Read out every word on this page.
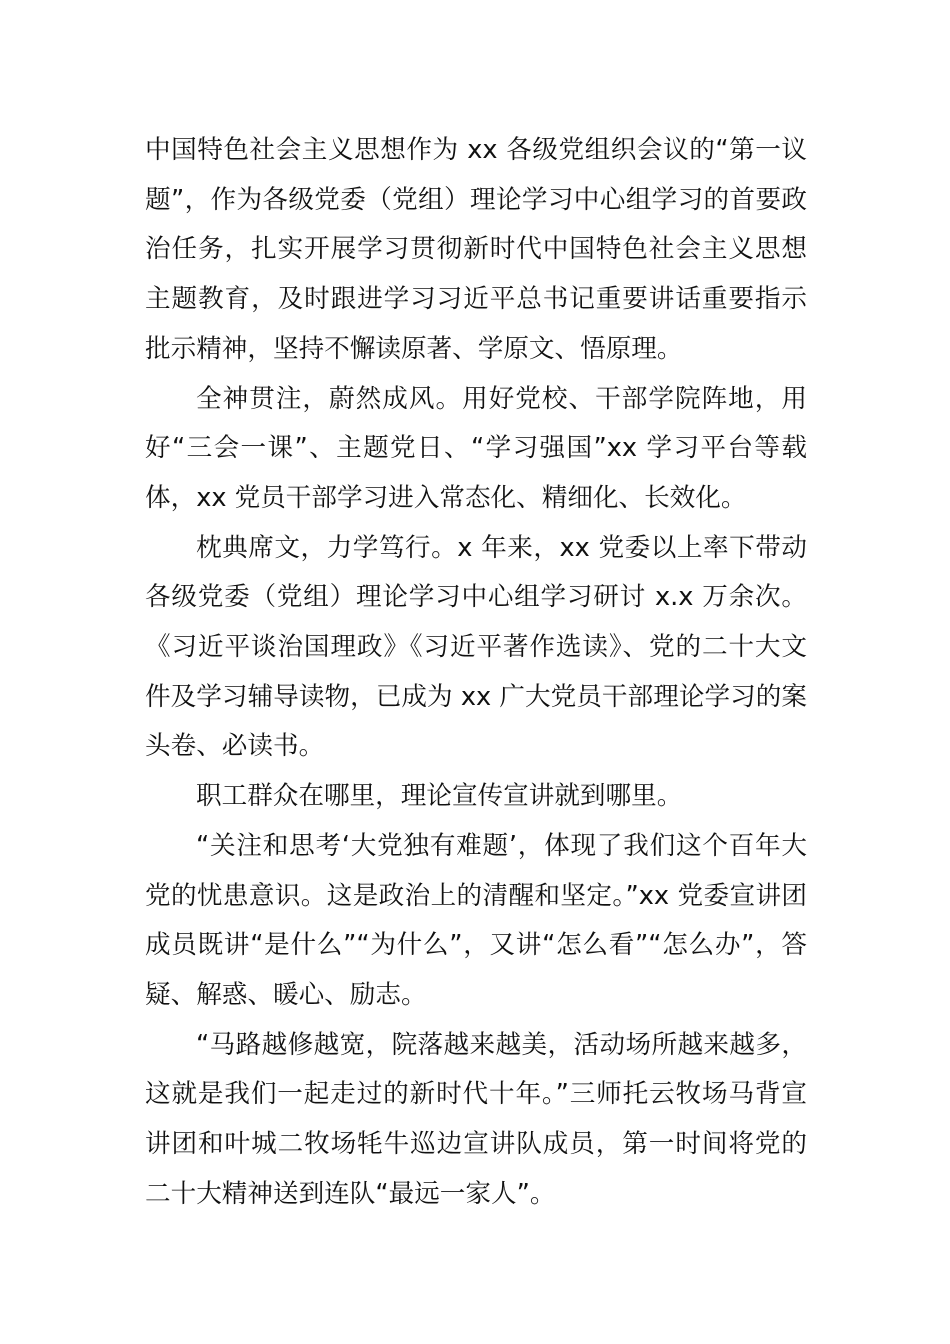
中国特色社会主义思想作为 xx 各级党组织会议的“第一议题”，作为各级党委（党组）理论学习中心组学习的首要政治任务，扎实开展学习贯彻新时代中国特色社会主义思想主题教育，及时跟进学习习近平总书记重要讲话重要指示批示精神，坚持不懈读原著、学原文、悟原理。

全神贯注，蔚然成风。用好党校、干部学院阵地，用好“三会一课”、主题党日、“学习强国”xx 学习平台等载体，xx 党员干部学习进入常态化、精细化、长效化。

枕典席文，力学笃行。x 年来，xx 党委以上率下带动各级党委（党组）理论学习中心组学习研讨 x.x 万余次。《习近平谈治国理政》《习近平著作选读》、党的二十大文件及学习辅导读物，已成为 xx 广大党员干部理论学习的案头卷、必读书。

职工群众在哪里，理论宣传宣讲就到哪里。

“关注和思考‘大党独有难题’，体现了我们这个百年大党的忧患意识。这是政治上的清醒和坚定。”xx 党委宣讲团成员既讲“是什么”“为什么”，又讲“怎么看”“怎么办”，答疑、解惑、暖心、励志。

“马路越修越宽，院落越来越美，活动场所越来越多，这就是我们一起走过的新时代十年。”三师托云牧场马背宣讲团和叶城二牧场牦牛巡边宣讲队成员，第一时间将党的二十大精神送到连队“最远一家人”。
